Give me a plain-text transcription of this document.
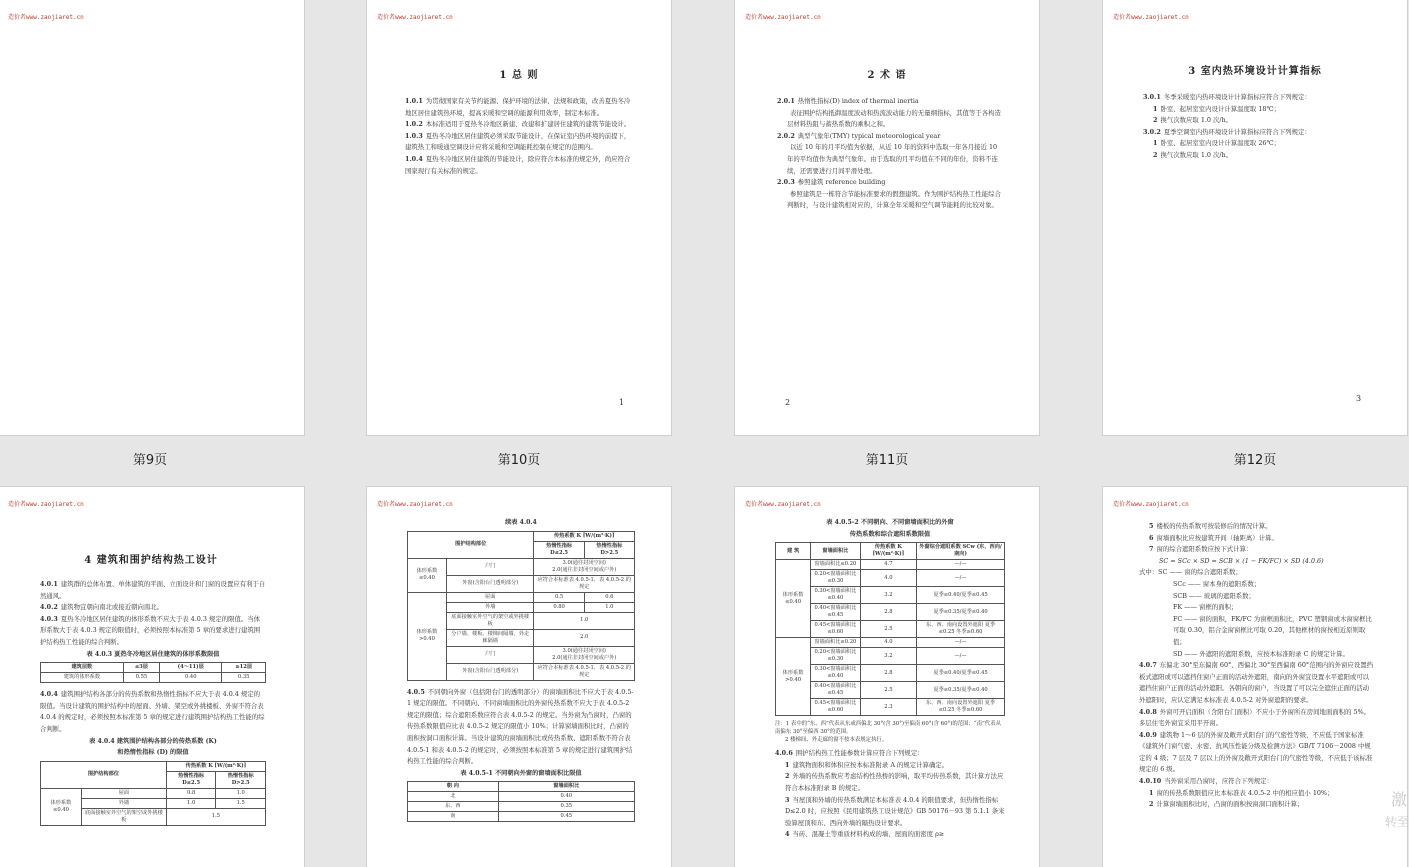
造价者www.zaojiaret.cn	造价者www.zaojiaret.cn
1 总 则

1.0.1 为贯彻国家有关节约能源、保护环境的法律、法规和政策，改善夏热冬冷地区居住建筑热环境，提高采暖和空调的能源利用效率，制定本标准。

1.0.2 本标准适用于夏热冬冷地区新建、改建和扩建居住建筑的建筑节能设计。

1.0.3 夏热冬冷地区居住建筑必须采取节能设计，在保证室内热环境的前提下，建筑热工和暖通空调设计应将采暖和空调能耗控制在规定的范围内。

1.0.4 夏热冬冷地区居住建筑的节能设计，除应符合本标准的规定外，尚应符合国家现行有关标准的规定。

1
造价者www.zaojiaret.cn
2 术 语

2.0.1 热惰性指标(D) index of thermal inertia

表征围护结构抵御温度波动和热流波动能力的无量纲指标，其值等于各构造层材料热阻与蓄热系数的乘积之和。

2.0.2 典型气象年(TMY) typical meteorological year

以近 10 年的月平均值为依据，从近 10 年的资料中选取一年各月接近 10 年的平均值作为典型气象年。由于选取的月平均值在不同的年份，资料不连续，还需要进行月间平滑处理。

2.0.3 参照建筑 reference building

参照建筑是一栋符合节能标准要求的假想建筑。作为围护结构热工性能综合判断时，与设计建筑相对应的，计算全年采暖和空气调节能耗的比较对象。

2
造价者www.zaojiaret.cn
3 室内热环境设计计算指标

3.0.1 冬季采暖室内热环境设计计算指标应符合下列规定：

1 卧室、起居室室内设计计算温度取 18℃；

2 换气次数应取 1.0 次/h。

3.0.2 夏季空调室内热环境设计计算指标应符合下列规定：

1 卧室、起居室室内设计计算温度取 26℃；

2 换气次数应取 1.0 次/h。

3
第9页	第10页	第11页	第12页
造价者www.zaojiaret.cn
4 建筑和围护结构热工设计

4.0.1 建筑群的总体布置、单体建筑的平面、立面设计和门窗的设置应有利于自然通风。

4.0.2 建筑物宜朝向南北或接近朝向南北。

4.0.3 夏热冬冷地区居住建筑的体形系数不应大于表 4.0.3 规定的限值。当体形系数大于表 4.0.3 规定的限值时，必须按照本标准第 5 章的要求进行建筑围护结构热工性能的综合判断。

表 4.0.3 夏热冬冷地区居住建筑的体形系数限值

建筑层数	≤3层	(4～11)层	≥12层
建筑的体形系数	0.55	0.40	0.35

4.0.4 建筑围护结构各部分的传热系数和热惰性指标不应大于表 4.0.4 规定的限值。当设计建筑的围护结构中的屋面、外墙、架空或外挑楼板、外窗不符合表 4.0.4 的规定时，必须按照本标准第 5 章的规定进行建筑围护结构热工性能的综合判断。

表 4.0.4 建筑围护结构各部分的传热系数 (K)

和热惰性指标 (D) 的限值

围护结构部位		传热系数 K [W/(m²·K)]	
		热惰性指标 D≤2.5	热惰性指标 D>2.5
体形系数≤0.40	屋面	0.8	1.0
	外墙	1.0	1.5
	底面接触室外空气的架空或外挑楼板	1.5	
造价者www.zaojiaret.cn

续表 4.0.4

围护结构部位		传热系数 K [W/(m²·K)]	
		热惰性指标 D≤2.5	热惰性指标 D>2.5
体形系数≤0.40	户门	3.0(通往封闭空间)
2.0(通往非封闭空间或户外)	
	外窗(含阳台门透明部分)	应符合本标准表 4.0.5-1、表 4.0.5-2 的规定	
体形系数>0.40	屋面	0.5	0.6
	外墙	0.80	1.0
	底面接触室外空气的架空或外挑楼板	1.0	
	分户墙、楼板、楼梯间隔墙、外走廊隔墙	2.0	
	户门	3.0(通往封闭空间)
2.0(通往非封闭空间或户外)	
	外窗(含阳台门透明部分)	应符合本标准表 4.0.5-1、表 4.0.5-2 的规定	

4.0.5 不同朝向外窗（包括阳台门的透明部分）的窗墙面积比不应大于表 4.0.5-1 规定的限值。不同朝向、不同窗墙面积比的外窗传热系数不应大于表 4.0.5-2 规定的限值；综合遮阳系数应符合表 4.0.5-2 的规定。当外窗为凸窗时，凸窗的传热系数限值应比表 4.0.5-2 规定的限值小 10%；计算窗墙面积比时，凸窗的面积按洞口面积计算。当设计建筑的窗墙面积比或传热系数、遮阳系数不符合表 4.0.5-1 和表 4.0.5-2 的规定时，必须按照本标准第 5 章的规定进行建筑围护结构热工性能的综合判断。

表 4.0.5-1 不同朝向外窗的窗墙面积比限值

朝 向	窗墙面积比
北	0.40
东、西	0.35
南	0.45
造价者www.zaojiaret.cn

表 4.0.5-2 不同朝向、不同窗墙面积比的外窗

传热系数和综合遮阳系数限值

建 筑	窗墙面积比	传热系数 K [W/(m²·K)]	外窗综合遮阳系数 SCw (东、西向/南向)
体形系数≤0.40	窗墙面积比≤0.20	4.7	—/—
	0.20<窗墙面积比≤0.30	4.0	—/—
	0.30<窗墙面积比≤0.40	3.2	夏季≤0.40/夏季≤0.45
	0.40<窗墙面积比≤0.45	2.8	夏季≤0.35/夏季≤0.40
	0.45<窗墙面积比≤0.60	2.5	东、西、南向设置外遮阳 夏季≤0.25 冬季≥0.60
体形系数>0.40	窗墙面积比≤0.20	4.0	—/—
	0.20<窗墙面积比≤0.30	3.2	—/—
	0.30<窗墙面积比≤0.40	2.8	夏季≤0.40/夏季≤0.45
	0.40<窗墙面积比≤0.45	2.5	夏季≤0.35/夏季≤0.40
	0.45<窗墙面积比≤0.60	2.3	东、西、南向设置外遮阳 夏季≤0.25 冬季≥0.60

注：1 表中的“东、西”代表从东或西偏北 30°(含 30°)至偏南 60°(含 60°)的范围；“南”代表从南偏东 30°至偏西 30°的范围。

2 楼梯间、外走廊的窗不按本表规定执行。

4.0.6 围护结构热工性能参数计算应符合下列规定：

1 建筑物面积和体积应按本标准附录 A 的规定计算确定。

2 外墙的传热系数应考虑结构性热桥的影响，取平均传热系数，其计算方法应符合本标准附录 B 的规定。

3 当屋顶和外墙的传热系数满足本标准表 4.0.4 的限值要求，但热惰性指标 D≤2.0 时，应按照《民用建筑热工设计规范》GB 50176－93 第 5.1.1 条来验算屋顶和东、西向外墙的隔热设计要求。

4 当砖、混凝土等重质材料构成的墙、屋面的面密度 ρ≥

造价者www.zaojiaret.cn

5 楼板的传热系数可按装修后的情况计算。

6 窗墙面积比应按建筑开间（轴距离）计算。

7 窗的综合遮阳系数应按下式计算：

SC = SCc × SD = SCB × (1 − FK/FC) × SD (4.0.6)

式中：SC —— 窗的综合遮阳系数；

SCc —— 窗本身的遮阳系数；

SCB —— 玻璃的遮阳系数；

FK —— 窗框的面积；

FC —— 窗的面积，FK/FC 为窗框面积比，PVC 塑钢窗或木窗窗框比可取 0.30，铝合金窗窗框比可取 0.20，其他框材的窗按相近原则取值；

SD —— 外遮阳的遮阳系数，应按本标准附录 C 的规定计算。

4.0.7 东偏北 30°至东偏南 60°、西偏北 30°至西偏南 60°范围内的外窗应设置挡板式遮阳或可以遮挡住窗户正面的活动外遮阳，南向的外窗宜设置水平遮阳或可以遮挡住窗户正面的活动外遮阳。各朝向的窗户，当设置了可以完全遮住正面的活动外遮阳时，应认定满足本标准表 4.0.5-2 对外窗遮阳的要求。

4.0.8 外窗可开启面积（含阳台门面积）不应小于外窗所在房间地面面积的 5%。多层住宅外窗宜采用平开窗。

4.0.9 建筑物 1～6 层的外窗及敞开式阳台门的气密性等级，不应低于国家标准《建筑外门窗气密、水密、抗风压性能分级及检测方法》GB/T 7106－2008 中规定的 4 级；7 层及 7 层以上的外窗及敞开式阳台门的气密性等级，不应低于该标准规定的 6 级。

4.0.10 当外窗采用凸窗时，应符合下列规定：

1 窗的传热系数限值应比本标准表 4.0.5-2 中的相应值小 10%；

2 计算窗墙面积比时，凸窗的面积按窗洞口面积计算；	激
转至
